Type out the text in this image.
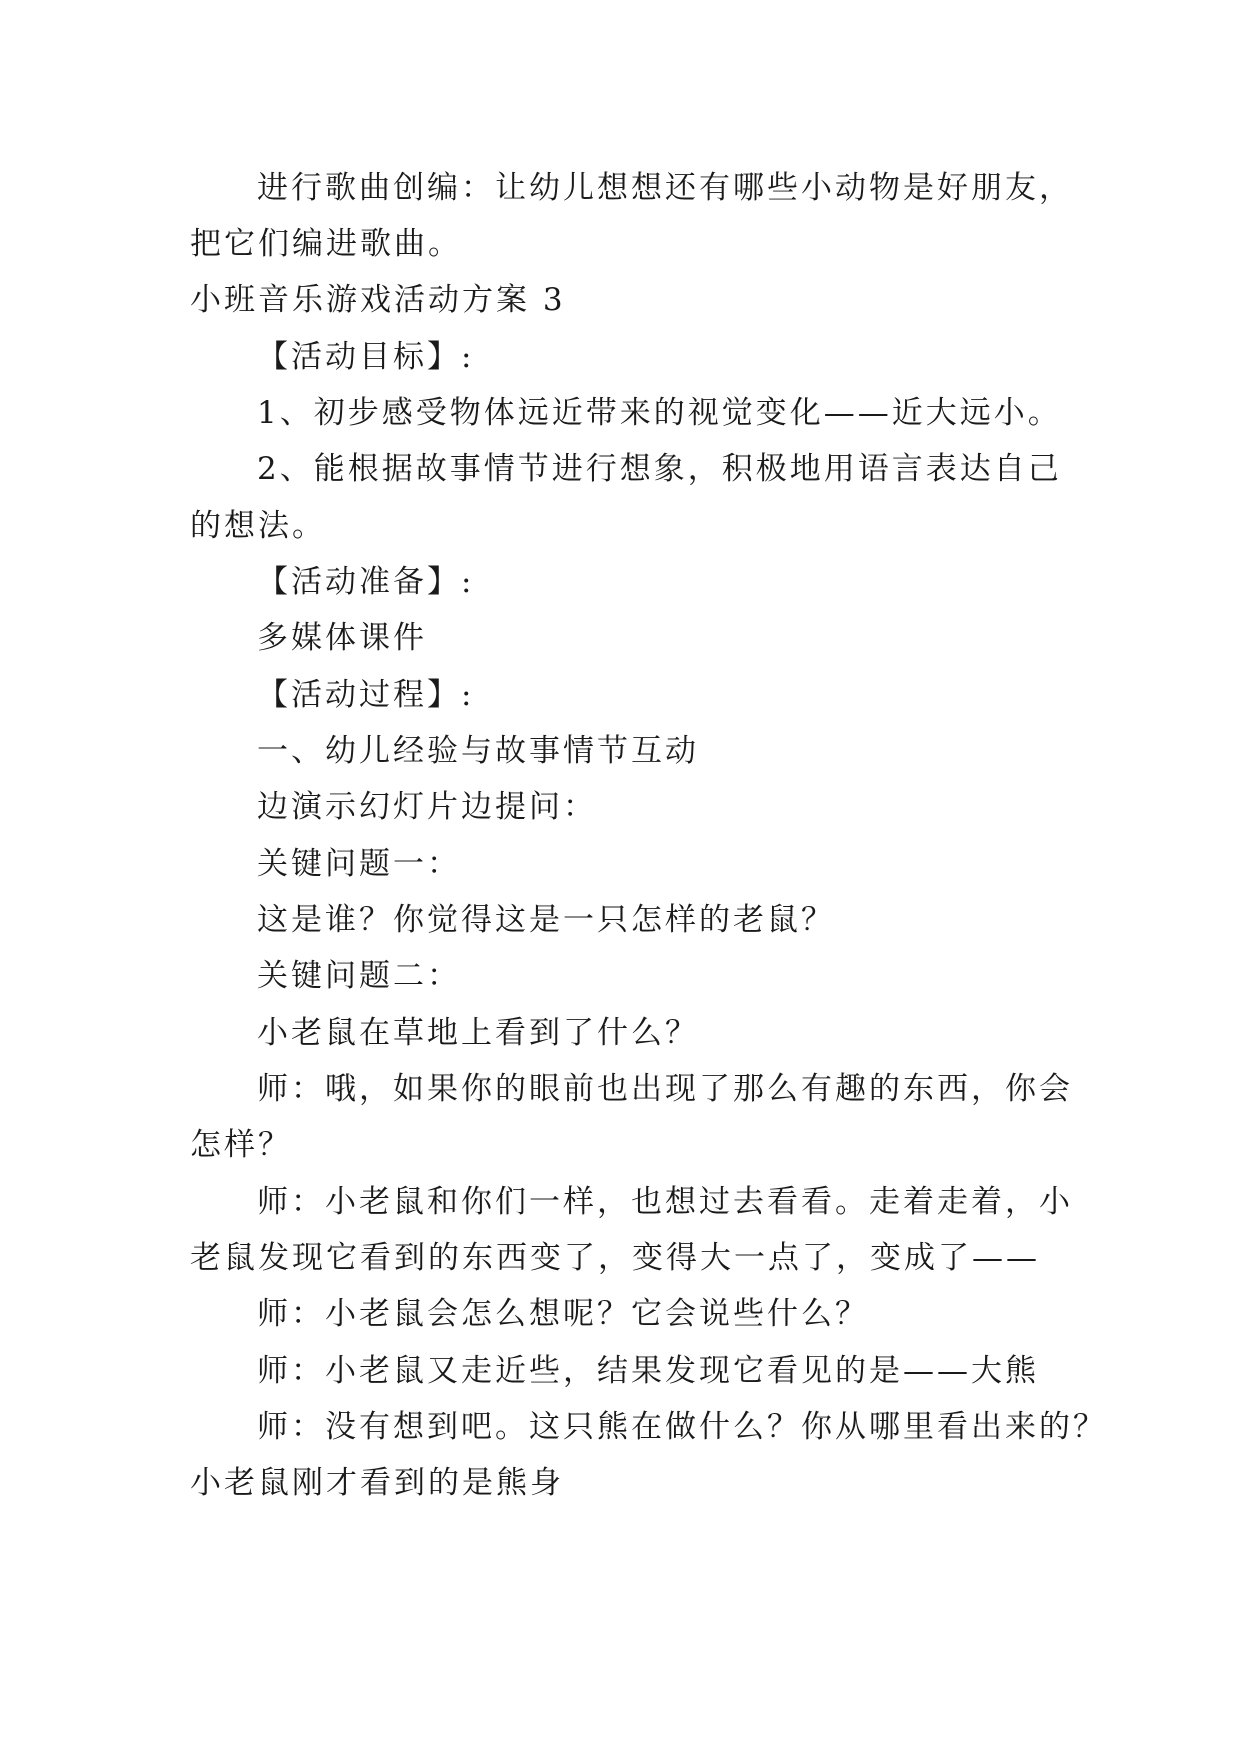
进行歌曲创编：让幼儿想想还有哪些小动物是好朋友，
把它们编进歌曲。
小班音乐游戏活动方案 3
【活动目标】:
1、初步感受物体远近带来的视觉变化——近大远小。
2、能根据故事情节进行想象，积极地用语言表达自己
的想法。
【活动准备】:
多媒体课件
【活动过程】:
一、幼儿经验与故事情节互动
边演示幻灯片边提问：
关键问题一：
这是谁？你觉得这是一只怎样的老鼠？
关键问题二：
小老鼠在草地上看到了什么？
师：哦，如果你的眼前也出现了那么有趣的东西，你会
怎样？
师：小老鼠和你们一样，也想过去看看。走着走着，小
老鼠发现它看到的东西变了，变得大一点了，变成了——
师：小老鼠会怎么想呢？它会说些什么？
师：小老鼠又走近些，结果发现它看见的是——大熊
师：没有想到吧。这只熊在做什么？你从哪里看出来的？
小老鼠刚才看到的是熊身
